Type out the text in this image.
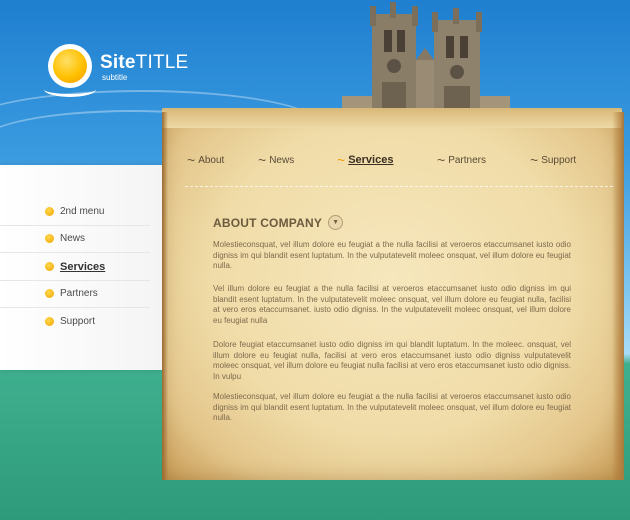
SiteTITLE
subtitle
2nd menu
News
Services
Partners
Support
~ About ~ News	~ Services	~ Partners	~ Support
ABOUT COMPANY	▼

Molestieconsquat, vel illum dolore eu feugiat a the nulla facilisi at veroeros etaccumsanet iusto odio digniss im qui blandit esent luptatum. In the vulputatevelit moleec onsquat, vel illum dolore eu feugiat nulla.

Vel illum dolore eu feugiat a the nulla facilisi at veroeros etaccumsanet iusto odio digniss im qui blandit esent luptatum. In the vulputatevelit moleec onsquat, vel illum dolore eu feugiat nulla, facilisi at vero eros etaccumsanet. iusto odio digniss. In the vulputatevelit moleec onsquat, vel illum dolore eu feugiat nulla

Dolore feugiat etaccumsanet iusto odio digniss im qui blandit luptatum. In the moleec. onsquat, vel illum dolore eu feugiat nulla, facilisi at vero eros etaccumsanet iusto odio digniss vulputatevelit moleec onsquat, vel illum dolore eu feugiat nulla facilisi at vero eros etaccumsanet iusto odio digniss. In vulpu

Molestieconsquat, vel illum dolore eu feugiat a the nulla facilisi at veroeros etaccumsanet iusto odio digniss im qui blandit esent luptatum. In the vulputatevelit moleec onsquat, vel illum dolore eu feugiat nulla.
